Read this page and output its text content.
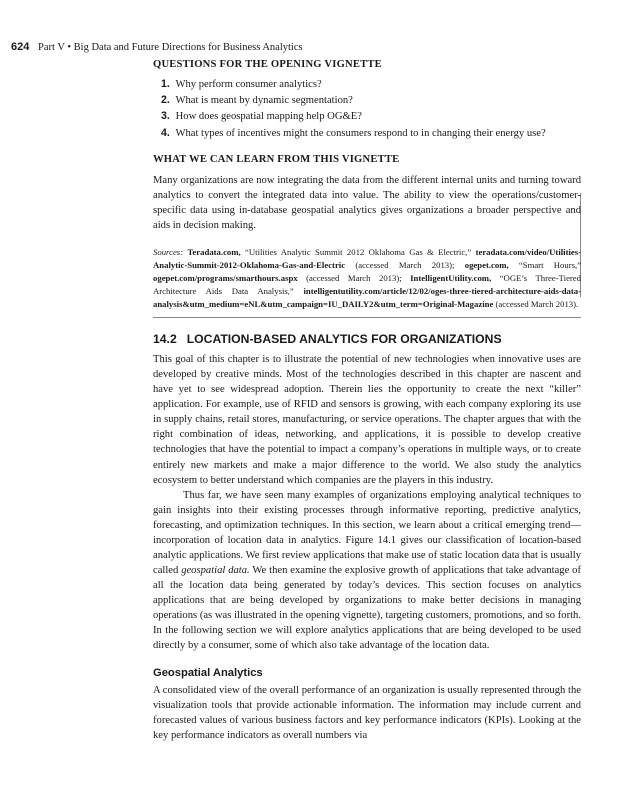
624 Part V • Big Data and Future Directions for Business Analytics
QUESTIONS FOR THE OPENING VIGNETTE
1. Why perform consumer analytics?
2. What is meant by dynamic segmentation?
3. How does geospatial mapping help OG&E?
4. What types of incentives might the consumers respond to in changing their energy use?
WHAT WE CAN LEARN FROM THIS VIGNETTE

Many organizations are now integrating the data from the different internal units and turning toward analytics to convert the integrated data into value. The ability to view the operations/customer-specific data using in-database geospatial analytics gives organizations a broader perspective and aids in decision making.

Sources: Teradata.com, “Utilities Analytic Summit 2012 Oklahoma Gas & Electric,” teradata.com/video/Utilities-Analytic-Summit-2012-Oklahoma-Gas-and-Electric (accessed March 2013); ogepet.com, “Smart Hours,” ogepet.com/programs/smarthours.aspx (accessed March 2013); IntelligentUtility.com, “OGE’s Three-Tiered Architecture Aids Data Analysis,” intelligentutility.com/article/12/02/oges-three-tiered-architecture-aids-data-analysis&utm_medium=eNL&utm_campaign=IU_DAILY2&utm_term=Original-Magazine (accessed March 2013).
14.2 LOCATION-BASED ANALYTICS FOR ORGANIZATIONS

This goal of this chapter is to illustrate the potential of new technologies when innovative uses are developed by creative minds. Most of the technologies described in this chapter are nascent and have yet to see widespread adoption. Therein lies the opportunity to create the next “killer” application. For example, use of RFID and sensors is growing, with each company exploring its use in supply chains, retail stores, manufacturing, or service operations. The chapter argues that with the right combination of ideas, networking, and applications, it is possible to develop creative technologies that have the potential to impact a company’s operations in multiple ways, or to create entirely new markets and make a major difference to the world. We also study the analytics ecosystem to better understand which companies are the players in this industry.

Thus far, we have seen many examples of organizations employing analytical techniques to gain insights into their existing processes through informative reporting, predictive analytics, forecasting, and optimization techniques. In this section, we learn about a critical emerging trend—incorporation of location data in analytics. Figure 14.1 gives our classification of location-based analytic applications. We first review applications that make use of static location data that is usually called geospatial data. We then examine the explosive growth of applications that take advantage of all the location data being generated by today’s devices. This section focuses on analytics applications that are being developed by organizations to make better decisions in managing operations (as was illustrated in the opening vignette), targeting customers, promotions, and so forth. In the following section we will explore analytics applications that are being developed to be used directly by a consumer, some of which also take advantage of the location data.

Geospatial Analytics

A consolidated view of the overall performance of an organization is usually represented through the visualization tools that provide actionable information. The information may include current and forecasted values of various business factors and key performance indicators (KPIs). Looking at the key performance indicators as overall numbers via
